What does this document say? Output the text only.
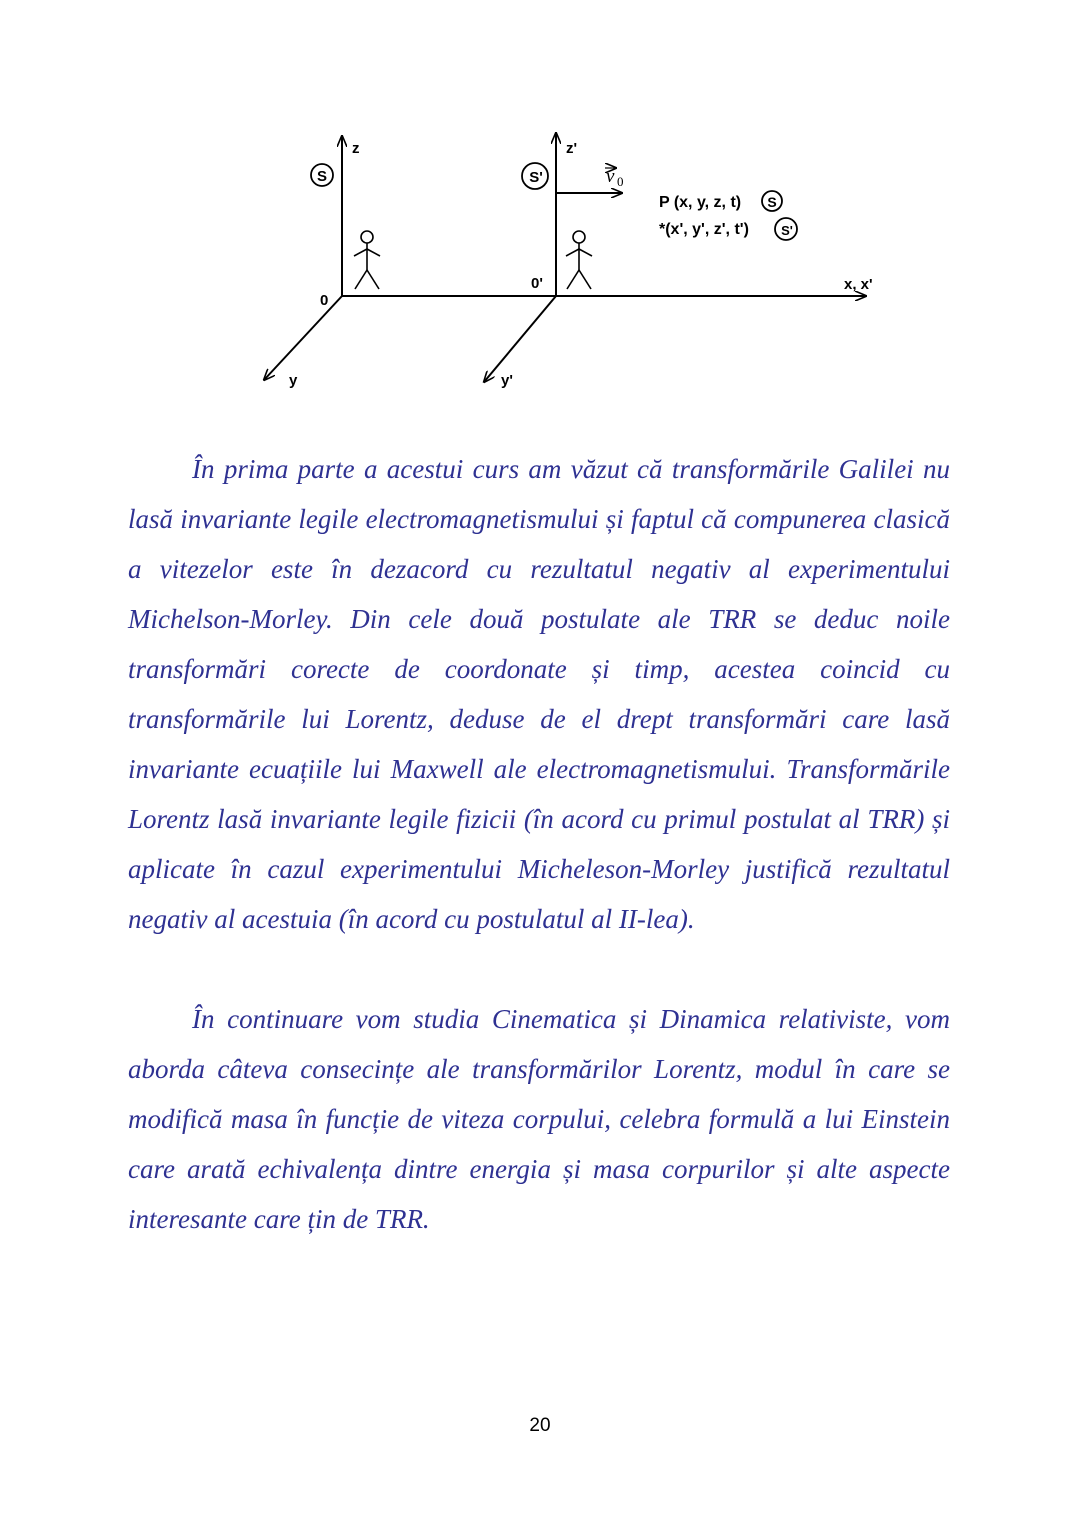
S	S'
z	z'
y	y'
0
0'	x, x'
v 0
P (x, y, z, t) S
*(x', y', z', t') S'

În prima parte a acestui curs am văzut că transformările Galilei nu lasă invariante legile electromagnetismului și faptul că compunerea clasică a vitezelor este în dezacord cu rezultatul negativ al experimentului Michelson-Morley. Din cele două postulate ale TRR se deduc noile transformări corecte de coordonate și timp, acestea coincid cu transformările lui Lorentz, deduse de el drept transformări care lasă invariante ecuațiile lui Maxwell ale electromagnetismului. Transformările Lorentz lasă invariante legile fizicii (în acord cu primul postulat al TRR) și aplicate în cazul experimentului Micheleson-Morley justifică rezultatul negativ al acestuia (în acord cu postulatul al II-lea).

În continuare vom studia Cinematica și Dinamica relativiste, vom aborda câteva consecințe ale transformărilor Lorentz, modul în care se modifică masa în funcție de viteza corpului, celebra formulă a lui Einstein care arată echivalența dintre energia și masa corpurilor și alte aspecte interesante care țin de TRR.

20
